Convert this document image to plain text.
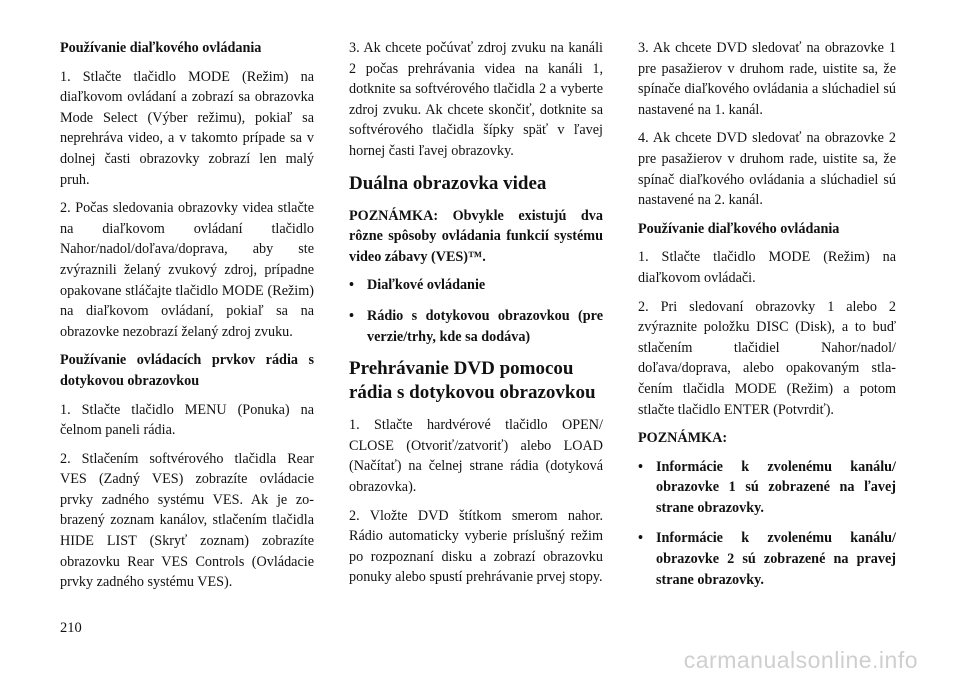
Používanie diaľkového ovládania

1. Stlačte tlačidlo MODE (Režim) na diaľkovom ovládaní a zobrazí sa obrazovka Mode Select (Výber režimu), pokiaľ sa neprehráva video, a v takomto prípade sa v dolnej časti obrazovky zobrazí len malý pruh.

2. Počas sledovania obrazovky videa stlačte na diaľkovom ovládaní tlačidlo Nahor/nadol/doľava/doprava, aby ste zvýraznili želaný zvukový zdroj, prípadne opakovane stláčajte tlačidlo MODE (Režim) na diaľkovom ovládaní, pokiaľ sa na obrazovke nezobrazí želaný zdroj zvuku.

Používanie ovládacích prvkov rádia s dotykovou obrazovkou

1. Stlačte tlačidlo MENU (Ponuka) na čelnom paneli rádia.

2. Stlačením softvérového tlačidla Rear VES (Zadný VES) zobrazíte ovládacie prvky zadného systému VES. Ak je zobrazený zoznam kanálov, stlačením tlačidla HIDE LIST (Skryť zoznam) zobrazíte obrazovku Rear VES Controls (Ovládacie prvky zadného systému VES).

3. Ak chcete počúvať zdroj zvuku na kanáli 2 počas prehrávania videa na kanáli 1, dotknite sa softvérového tlačidla 2 a vyberte zdroj zvuku. Ak chcete skončiť, dotknite sa softvérového tlačidla šípky späť v ľavej hornej časti ľavej obrazovky.

Duálna obrazovka videa

POZNÁMKA: Obvykle existujú dva rôzne spôsoby ovládania funkcií systému video zábavy (VES)™.

• Diaľkové ovládanie
• Rádio s dotykovou obrazovkou (pre verzie/trhy, kde sa dodáva)
Prehrávanie DVD pomocou rádia s dotykovou obrazovkou

1. Stlačte hardvérové tlačidlo OPEN/ CLOSE (Otvoriť/zatvoriť) alebo LOAD (Načítať) na čelnej strane rádia (dotyková obrazovka).

2. Vložte DVD štítkom smerom nahor. Rádio automaticky vyberie príslušný režim po rozpoznaní disku a zobrazí obrazovku ponuky alebo spustí prehrávanie prvej stopy.

3. Ak chcete DVD sledovať na obrazovke 1 pre pasažierov v druhom rade, uistite sa, že spínače diaľkového ovládania a slúchadiel sú nastavené na 1. kanál.

4. Ak chcete DVD sledovať na obrazovke 2 pre pasažierov v druhom rade, uistite sa, že spínač diaľkového ovládania a slúchadiel sú nastavené na 2. kanál.

Používanie diaľkového ovládania

1. Stlačte tlačidlo MODE (Režim) na diaľkovom ovládači.

2. Pri sledovaní obrazovky 1 alebo 2 zvýraznite položku DISC (Disk), a to buď stlačením tlačidiel Nahor/nadol/ doľava/doprava, alebo opakovaným stlačením tlačidla MODE (Režim) a potom stlačte tlačidlo ENTER (Potvrdiť).

POZNÁMKA:

• Informácie k zvolenému kanálu/ obrazovke 1 sú zobrazené na ľavej strane obrazovky.
• Informácie k zvolenému kanálu/ obrazovke 2 sú zobrazené na pravej strane obrazovky.
210
carmanualsonline.info
